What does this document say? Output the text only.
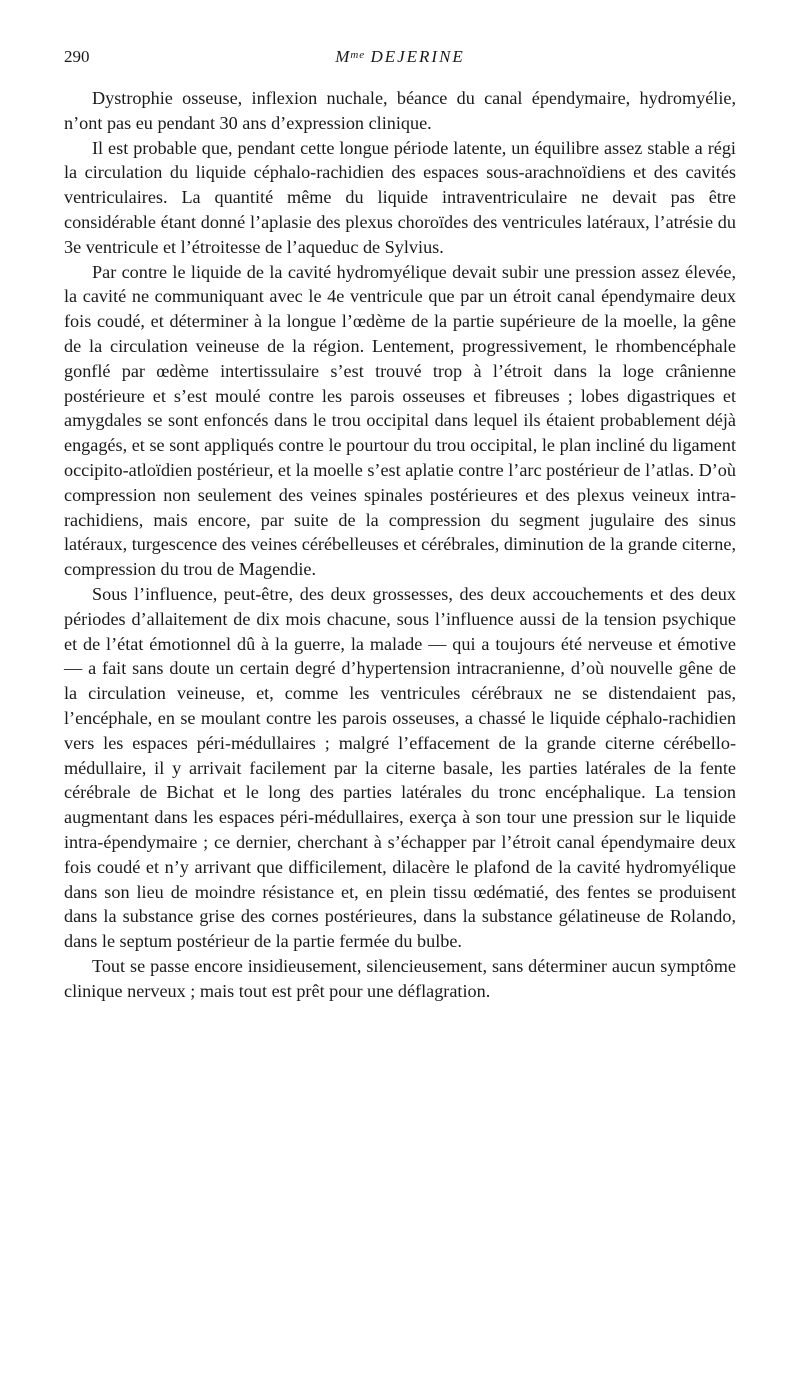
290	$M^{me}$ DEJERINE

Dystrophie osseuse, inflexion nuchale, béance du canal épendymaire, hydromyélie, n’ont pas eu pendant 30 ans d’expression clinique.

Il est probable que, pendant cette longue période latente, un équilibre assez stable a régi la circulation du liquide céphalo-rachidien des espaces sous-arachnoïdiens et des cavités ventriculaires. La quantité même du liquide intraventriculaire ne devait pas être considérable étant donné l’aplasie des plexus choroïdes des ventricules latéraux, l’atrésie du 3e ventricule et l’étroitesse de l’aqueduc de Sylvius.

Par contre le liquide de la cavité hydromyélique devait subir une pression assez élevée, la cavité ne communiquant avec le 4e ventricule que par un étroit canal épendymaire deux fois coudé, et déterminer à la longue l’œdème de la partie supérieure de la moelle, la gêne de la circulation veineuse de la région. Lentement, progressivement, le rhombencéphale gonflé par œdème intertissulaire s’est trouvé trop à l’étroit dans la loge crânienne postérieure et s’est moulé contre les parois osseuses et fibreuses ; lobes digastriques et amygdales se sont enfoncés dans le trou occipital dans lequel ils étaient probablement déjà engagés, et se sont appliqués contre le pourtour du trou occipital, le plan incliné du ligament occipito-atloïdien postérieur, et la moelle s’est aplatie contre l’arc postérieur de l’atlas. D’où compression non seulement des veines spinales postérieures et des plexus veineux intra-rachidiens, mais encore, par suite de la compression du segment jugulaire des sinus latéraux, turgescence des veines cérébelleuses et cérébrales, diminution de la grande citerne, compression du trou de Magendie.

Sous l’influence, peut-être, des deux grossesses, des deux accouchements et des deux périodes d’allaitement de dix mois chacune, sous l’influence aussi de la tension psychique et de l’état émotionnel dû à la guerre, la malade — qui a toujours été nerveuse et émotive — a fait sans doute un certain degré d’hypertension intracranienne, d’où nouvelle gêne de la circulation veineuse, et, comme les ventricules cérébraux ne se distendaient pas, l’encéphale, en se moulant contre les parois osseuses, a chassé le liquide céphalo-rachidien vers les espaces péri-médullaires ; malgré l’effacement de la grande citerne cérébello-médullaire, il y arrivait facilement par la citerne basale, les parties latérales de la fente cérébrale de Bichat et le long des parties latérales du tronc encéphalique. La tension augmentant dans les espaces péri-médullaires, exerça à son tour une pression sur le liquide intra-épendymaire ; ce dernier, cherchant à s’échapper par l’étroit canal épendymaire deux fois coudé et n’y arrivant que difficilement, dilacère le plafond de la cavité hydromyélique dans son lieu de moindre résistance et, en plein tissu œdématié, des fentes se produisent dans la substance grise des cornes postérieures, dans la substance gélatineuse de Rolando, dans le septum postérieur de la partie fermée du bulbe.

Tout se passe encore insidieusement, silencieusement, sans déterminer aucun symptôme clinique nerveux ; mais tout est prêt pour une déflagration.
